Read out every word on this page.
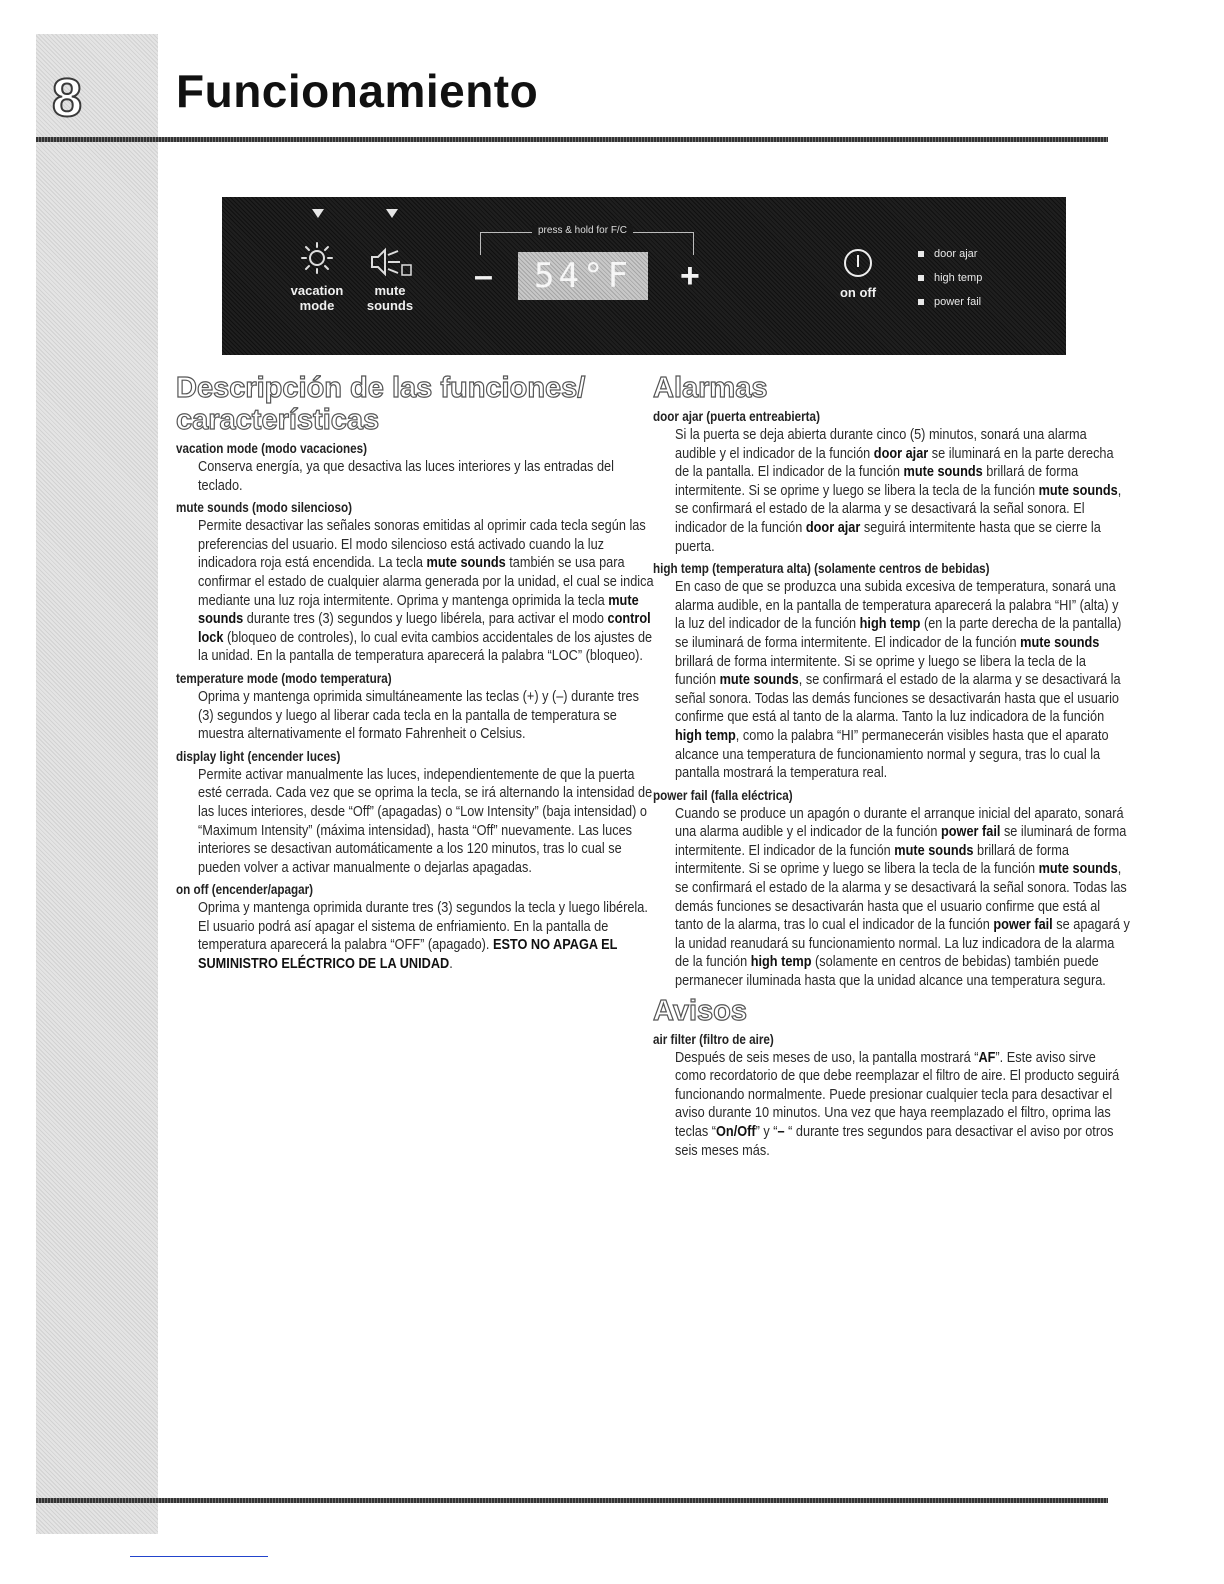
8 Funcionamiento
vacation mode
mute sounds
press & hold for F/C
–	54°F	+	on off
door ajar
high temp
power fail
Descripción de las funciones/ características
vacation mode (modo vacaciones)
Conserva energía, ya que desactiva las luces interiores y las entradas del teclado.
mute sounds (modo silencioso)
Permite desactivar las señales sonoras emitidas al oprimir cada tecla según las preferencias del usuario. El modo silencioso está activado cuando la luz indicadora roja está encendida. La tecla mute sounds también se usa para confirmar el estado de cualquier alarma generada por la unidad, el cual se indica mediante una luz roja intermitente. Oprima y mantenga oprimida la tecla mute sounds durante tres (3) segundos y luego libérela, para activar el modo control lock (bloqueo de controles), lo cual evita cambios accidentales de los ajustes de la unidad. En la pantalla de temperatura aparecerá la palabra “LOC” (bloqueo).
temperature mode (modo temperatura)
Oprima y mantenga oprimida simultáneamente las teclas (+) y (–) durante tres (3) segundos y luego al liberar cada tecla en la pantalla de temperatura se muestra alternativamente el formato Fahrenheit o Celsius.
display light (encender luces)
Permite activar manualmente las luces, independientemente de que la puerta esté cerrada. Cada vez que se oprima la tecla, se irá alternando la intensidad de las luces interiores, desde “Off” (apagadas) o “Low Intensity” (baja intensidad) o “Maximum Intensity” (máxima intensidad), hasta “Off” nuevamente. Las luces interiores se desactivan automáticamente a los 120 minutos, tras lo cual se pueden volver a activar manualmente o dejarlas apagadas.
on off (encender/apagar)
Oprima y mantenga oprimida durante tres (3) segundos la tecla y luego libérela. El usuario podrá así apagar el sistema de enfriamiento. En la pantalla de temperatura aparecerá la palabra “OFF” (apagado). ESTO NO APAGA EL SUMINISTRO ELÉCTRICO DE LA UNIDAD.
Alarmas
door ajar (puerta entreabierta)
Si la puerta se deja abierta durante cinco (5) minutos, sonará una alarma audible y el indicador de la función door ajar se iluminará en la parte derecha de la pantalla. El indicador de la función mute sounds brillará de forma intermitente. Si se oprime y luego se libera la tecla de la función mute sounds, se confirmará el estado de la alarma y se desactivará la señal sonora. El indicador de la función door ajar seguirá intermitente hasta que se cierre la puerta.
high temp (temperatura alta) (solamente centros de bebidas)
En caso de que se produzca una subida excesiva de temperatura, sonará una alarma audible, en la pantalla de temperatura aparecerá la palabra “HI” (alta) y la luz del indicador de la función high temp (en la parte derecha de la pantalla) se iluminará de forma intermitente. El indicador de la función mute sounds brillará de forma intermitente. Si se oprime y luego se libera la tecla de la función mute sounds, se confirmará el estado de la alarma y se desactivará la señal sonora. Todas las demás funciones se desactivarán hasta que el usuario confirme que está al tanto de la alarma. Tanto la luz indicadora de la función high temp, como la palabra “HI” permanecerán visibles hasta que el aparato alcance una temperatura de funcionamiento normal y segura, tras lo cual la pantalla mostrará la temperatura real.
power fail (falla eléctrica)
Cuando se produce un apagón o durante el arranque inicial del aparato, sonará una alarma audible y el indicador de la función power fail se iluminará de forma intermitente. El indicador de la función mute sounds brillará de forma intermitente. Si se oprime y luego se libera la tecla de la función mute sounds, se confirmará el estado de la alarma y se desactivará la señal sonora. Todas las demás funciones se desactivarán hasta que el usuario confirme que está al tanto de la alarma, tras lo cual el indicador de la función power fail se apagará y la unidad reanudará su funcionamiento normal. La luz indicadora de la alarma de la función high temp (solamente en centros de bebidas) también puede permanecer iluminada hasta que la unidad alcance una temperatura segura.
Avisos
air filter (filtro de aire)
Después de seis meses de uso, la pantalla mostrará “AF”. Este aviso sirve como recordatorio de que debe reemplazar el filtro de aire. El producto seguirá funcionando normalmente. Puede presionar cualquier tecla para desactivar el aviso durante 10 minutos. Una vez que haya reemplazado el filtro, oprima las teclas “On/Off” y “– “ durante tres segundos para desactivar el aviso por otros seis meses más.
